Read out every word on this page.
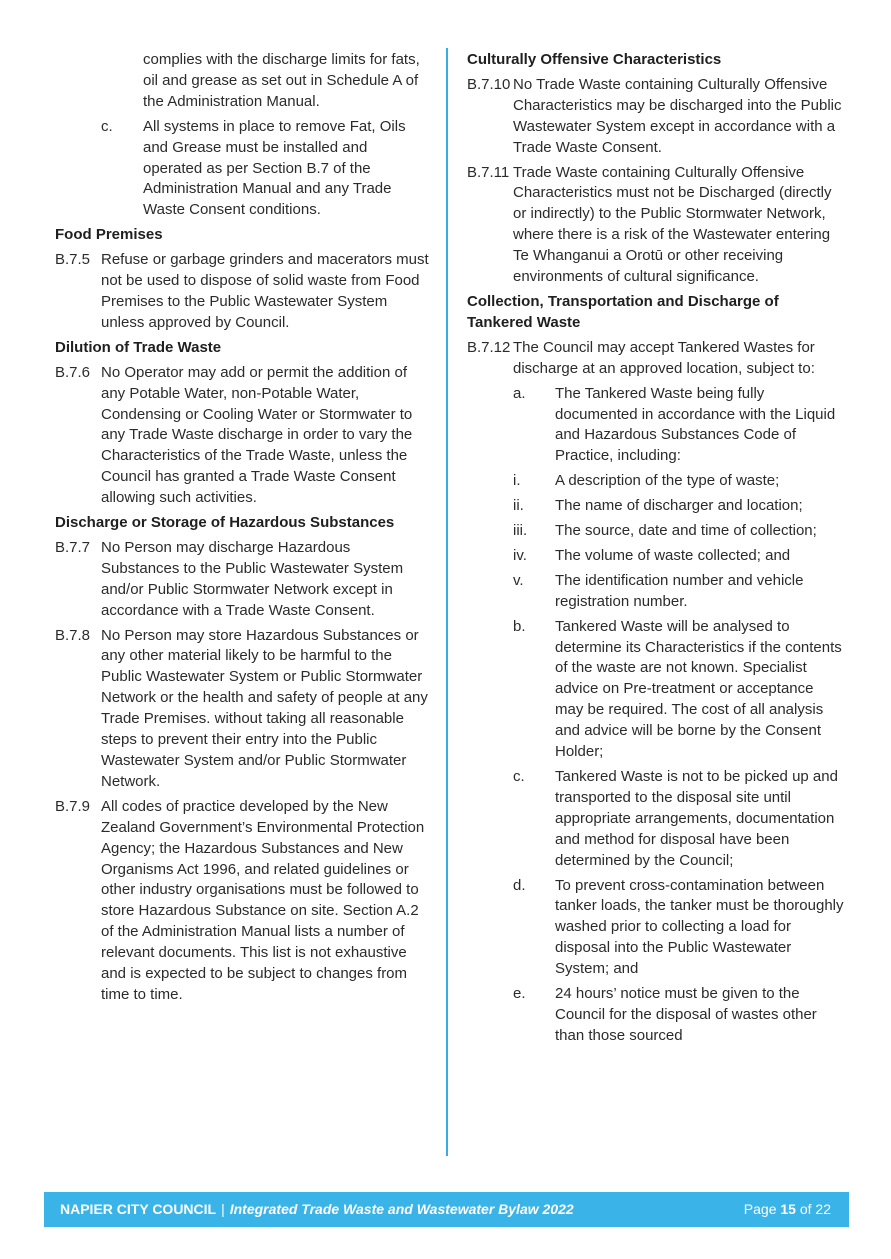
complies with the discharge limits for fats, oil and grease as set out in Schedule A of the Administration Manual.
c.	All systems in place to remove Fat, Oils and Grease must be installed and operated as per Section B.7 of the Administration Manual and any Trade Waste Consent conditions.
Food Premises
B.7.5 Refuse or garbage grinders and macerators must not be used to dispose of solid waste from Food Premises to the Public Wastewater System unless approved by Council.
Dilution of Trade Waste
B.7.6 No Operator may add or permit the addition of any Potable Water, non-Potable Water, Condensing or Cooling Water or Stormwater to any Trade Waste discharge in order to vary the Characteristics of the Trade Waste, unless the Council has granted a Trade Waste Consent allowing such activities.
Discharge or Storage of Hazardous Substances
B.7.7 No Person may discharge Hazardous Substances to the Public Wastewater System and/or Public Stormwater Network except in accordance with a Trade Waste Consent.
B.7.8 No Person may store Hazardous Substances or any other material likely to be harmful to the Public Wastewater System or Public Stormwater Network or the health and safety of people at any Trade Premises. without taking all reasonable steps to prevent their entry into the Public Wastewater System and/or Public Stormwater Network.
B.7.9 All codes of practice developed by the New Zealand Government’s Environmental Protection Agency; the Hazardous Substances and New Organisms Act 1996, and related guidelines or other industry organisations must be followed to store Hazardous Substance on site. Section A.2 of the Administration Manual lists a number of relevant documents. This list is not exhaustive and is expected to be subject to changes from time to time.
Culturally Offensive Characteristics
B.7.10 No Trade Waste containing Culturally Offensive Characteristics may be discharged into the Public Wastewater System except in accordance with a Trade Waste Consent.
B.7.11 Trade Waste containing Culturally Offensive Characteristics must not be Discharged (directly or indirectly) to the Public Stormwater Network, where there is a risk of the Wastewater entering Te Whanganui a Orotū or other receiving environments of cultural significance.
Collection, Transportation and Discharge of Tankered Waste
B.7.12 The Council may accept Tankered Wastes for discharge at an approved location, subject to:
a.	The Tankered Waste being fully documented in accordance with the Liquid and Hazardous Substances Code of Practice, including:
i.	A description of the type of waste;
ii.	The name of discharger and location;
iii.	The source, date and time of collection;
iv.	The volume of waste collected; and
v.	The identification number and vehicle registration number.
b.	Tankered Waste will be analysed to determine its Characteristics if the contents of the waste are not known. Specialist advice on Pre-treatment or acceptance may be required. The cost of all analysis and advice will be borne by the Consent Holder;
c.	Tankered Waste is not to be picked up and transported to the disposal site until appropriate arrangements, documentation and method for disposal have been determined by the Council;
d.	To prevent cross-contamination between tanker loads, the tanker must be thoroughly washed prior to collecting a load for disposal into the Public Wastewater System; and
e.	24 hours’ notice must be given to the Council for the disposal of wastes other than those sourced
NAPIER CITY COUNCIL | Integrated Trade Waste and Wastewater Bylaw 2022	Page 15 of 22
